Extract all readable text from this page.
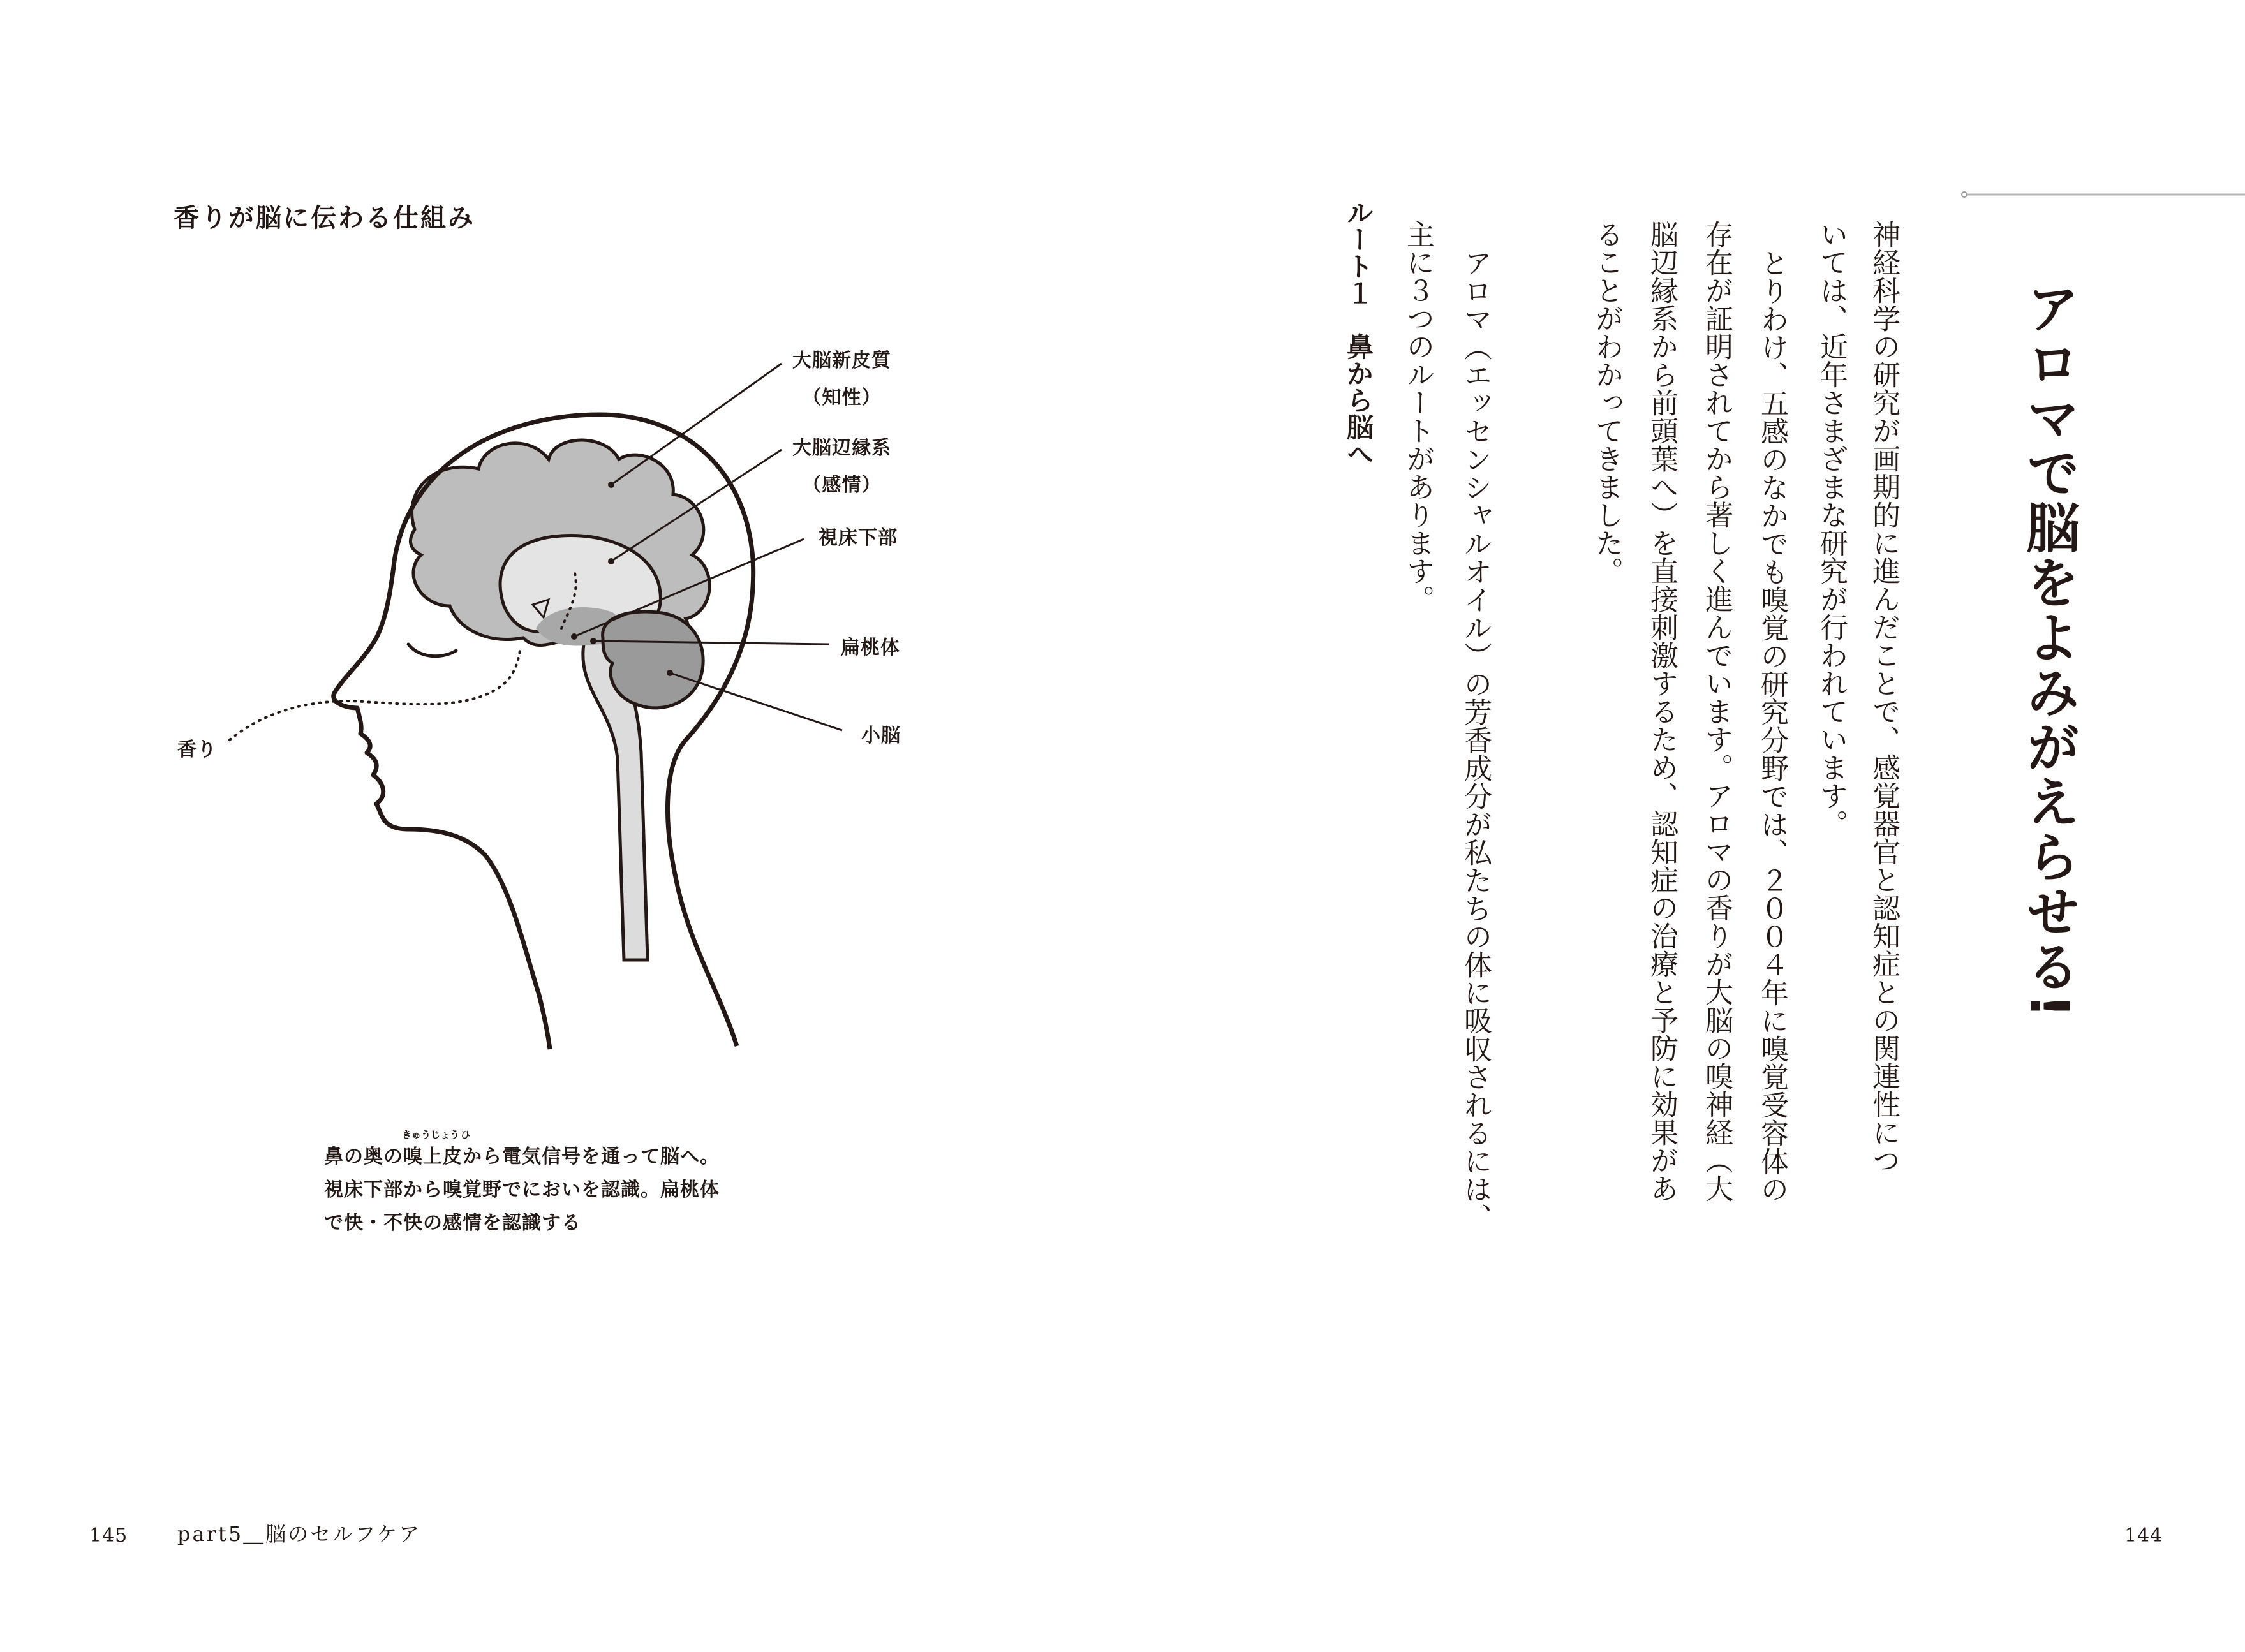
香りが脳に伝わる仕組み
大脳新皮質
（知性）
大脳辺縁系
（感情）
視床下部
扁桃体
小脳
香り
きゅうじょう ひ
鼻の奥の嗅上皮から電気信号を通って脳へ。
視床下部から嗅覚野でにおいを認識。扁桃体
で快・不快の感情を認識する
145 part5＿脳のセルフケア
アロマで脳をよみがえらせる!
神経科学の研究が画期的に進んだことで、感覚器官と認知症との関連性につ
いては、近年さまざまな研究が行われています。
とりわけ、五感のなかでも嗅覚の研究分野では、２００４年に嗅覚受容体の
存在が証明されてから著しく進んでいます。アロマの香りが大脳の嗅神経（大
脳辺縁系から前頭葉へ）を直接刺激するため、認知症の治療と予防に効果があ
ることがわかってきました。
アロマ（エッセンシャルオイル）の芳香成分が私たちの体に吸収されるには、
主に３つのルートがあります。
ルート１　鼻から脳へ
144
